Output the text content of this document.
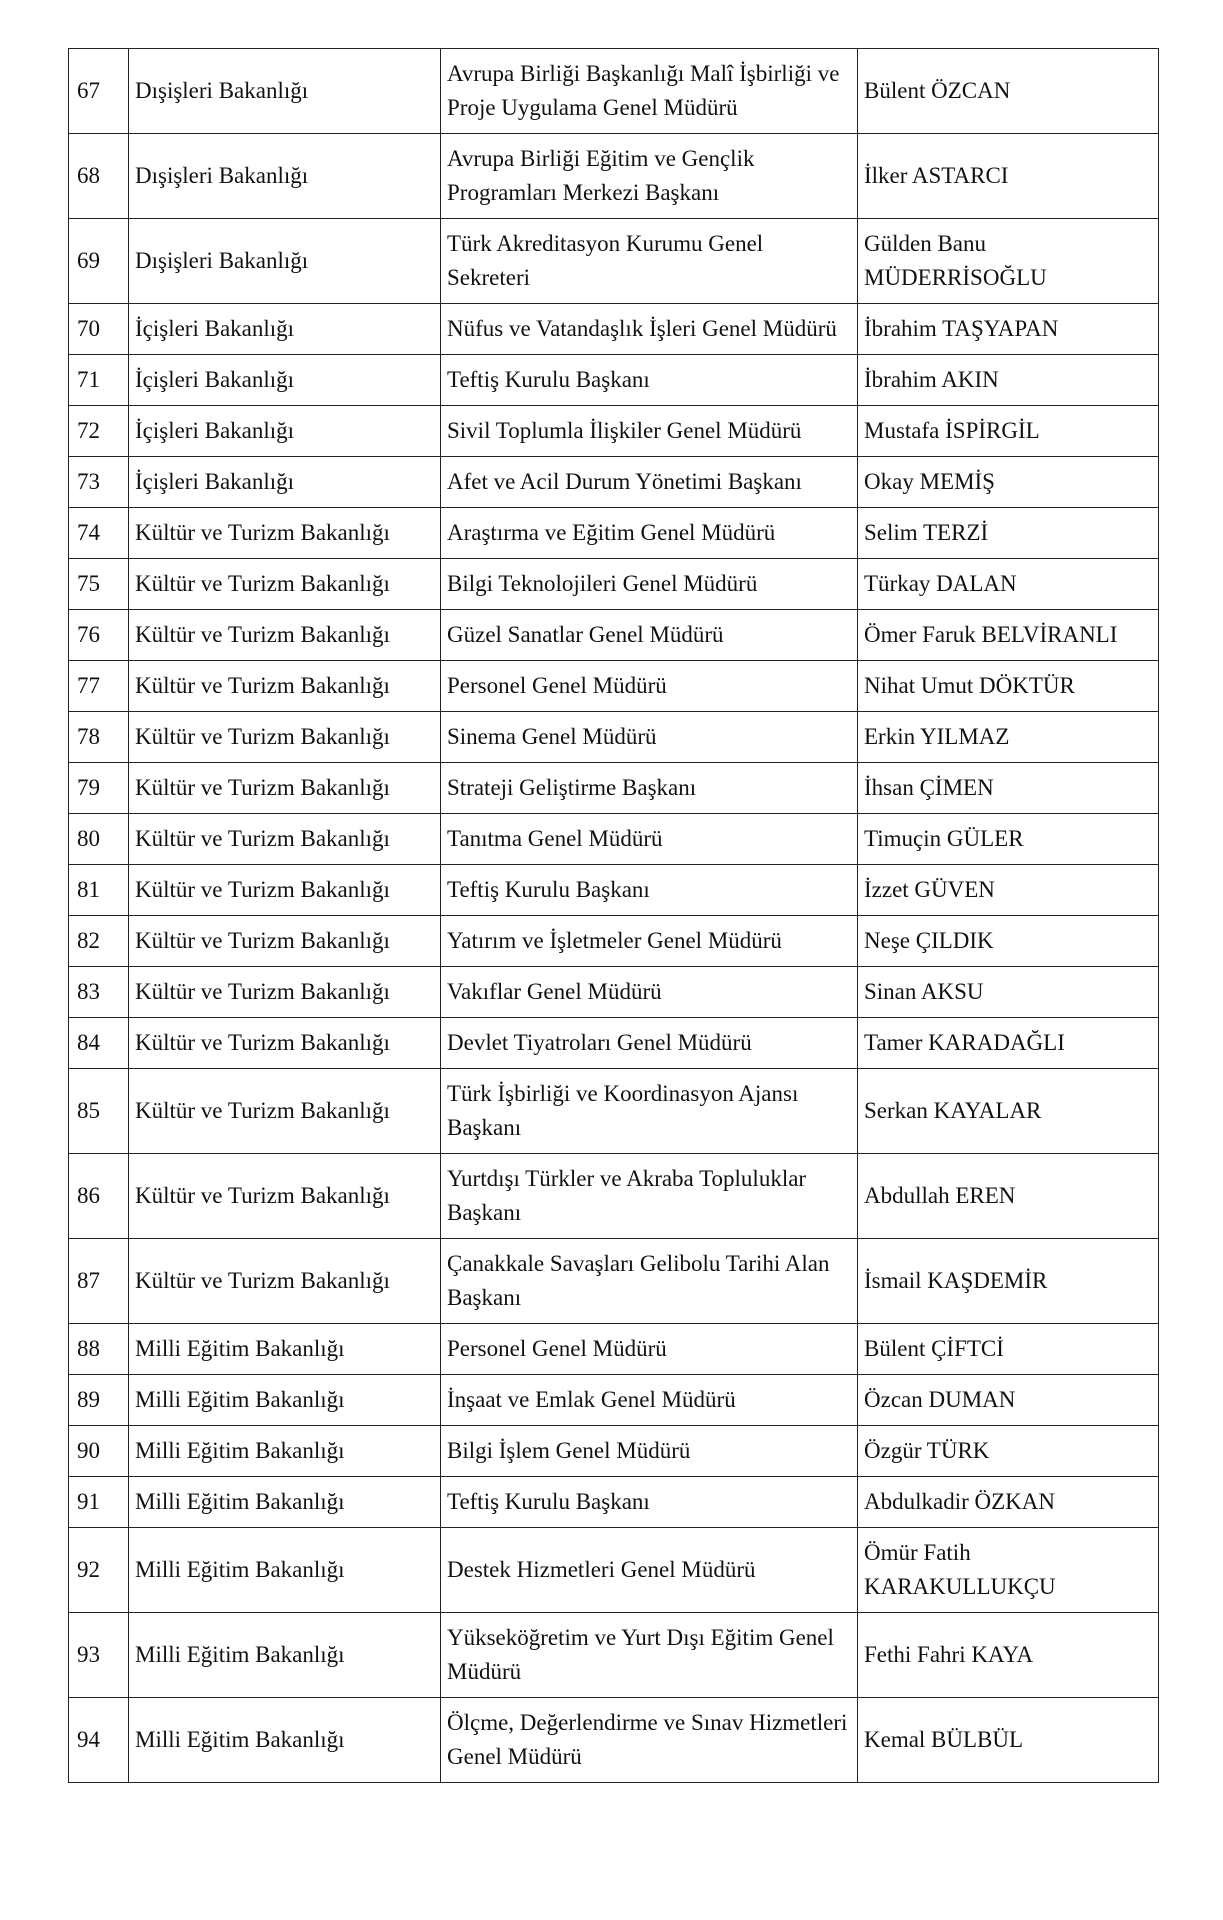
67	Dışişleri Bakanlığı	Avrupa Birliği Başkanlığı Malî İşbirliği ve Proje Uygulama Genel Müdürü	Bülent ÖZCAN
68	Dışişleri Bakanlığı	Avrupa Birliği Eğitim ve Gençlik Programları Merkezi Başkanı	İlker ASTARCI
69	Dışişleri Bakanlığı	Türk Akreditasyon Kurumu Genel Sekreteri	Gülden Banu MÜDERRİSOĞLU
70	İçişleri Bakanlığı	Nüfus ve Vatandaşlık İşleri Genel Müdürü	İbrahim TAŞYAPAN
71	İçişleri Bakanlığı	Teftiş Kurulu Başkanı	İbrahim AKIN
72	İçişleri Bakanlığı	Sivil Toplumla İlişkiler Genel Müdürü	Mustafa İSPİRGİL
73	İçişleri Bakanlığı	Afet ve Acil Durum Yönetimi Başkanı	Okay MEMİŞ
74	Kültür ve Turizm Bakanlığı	Araştırma ve Eğitim Genel Müdürü	Selim TERZİ
75	Kültür ve Turizm Bakanlığı	Bilgi Teknolojileri Genel Müdürü	Türkay DALAN
76	Kültür ve Turizm Bakanlığı	Güzel Sanatlar Genel Müdürü	Ömer Faruk BELVİRANLI
77	Kültür ve Turizm Bakanlığı	Personel Genel Müdürü	Nihat Umut DÖKTÜR
78	Kültür ve Turizm Bakanlığı	Sinema Genel Müdürü	Erkin YILMAZ
79	Kültür ve Turizm Bakanlığı	Strateji Geliştirme Başkanı	İhsan ÇİMEN
80	Kültür ve Turizm Bakanlığı	Tanıtma Genel Müdürü	Timuçin GÜLER
81	Kültür ve Turizm Bakanlığı	Teftiş Kurulu Başkanı	İzzet GÜVEN
82	Kültür ve Turizm Bakanlığı	Yatırım ve İşletmeler Genel Müdürü	Neşe ÇILDIK
83	Kültür ve Turizm Bakanlığı	Vakıflar Genel Müdürü	Sinan AKSU
84	Kültür ve Turizm Bakanlığı	Devlet Tiyatroları Genel Müdürü	Tamer KARADAĞLI
85	Kültür ve Turizm Bakanlığı	Türk İşbirliği ve Koordinasyon Ajansı Başkanı	Serkan KAYALAR
86	Kültür ve Turizm Bakanlığı	Yurtdışı Türkler ve Akraba Topluluklar Başkanı	Abdullah EREN
87	Kültür ve Turizm Bakanlığı	Çanakkale Savaşları Gelibolu Tarihi Alan Başkanı	İsmail KAŞDEMİR
88	Milli Eğitim Bakanlığı	Personel Genel Müdürü	Bülent ÇİFTCİ
89	Milli Eğitim Bakanlığı	İnşaat ve Emlak Genel Müdürü	Özcan DUMAN
90	Milli Eğitim Bakanlığı	Bilgi İşlem Genel Müdürü	Özgür TÜRK
91	Milli Eğitim Bakanlığı	Teftiş Kurulu Başkanı	Abdulkadir ÖZKAN
92	Milli Eğitim Bakanlığı	Destek Hizmetleri Genel Müdürü	Ömür Fatih KARAKULLUKÇU
93	Milli Eğitim Bakanlığı	Yükseköğretim ve Yurt Dışı Eğitim Genel Müdürü	Fethi Fahri KAYA
94	Milli Eğitim Bakanlığı	Ölçme, Değerlendirme ve Sınav Hizmetleri Genel Müdürü	Kemal BÜLBÜL
